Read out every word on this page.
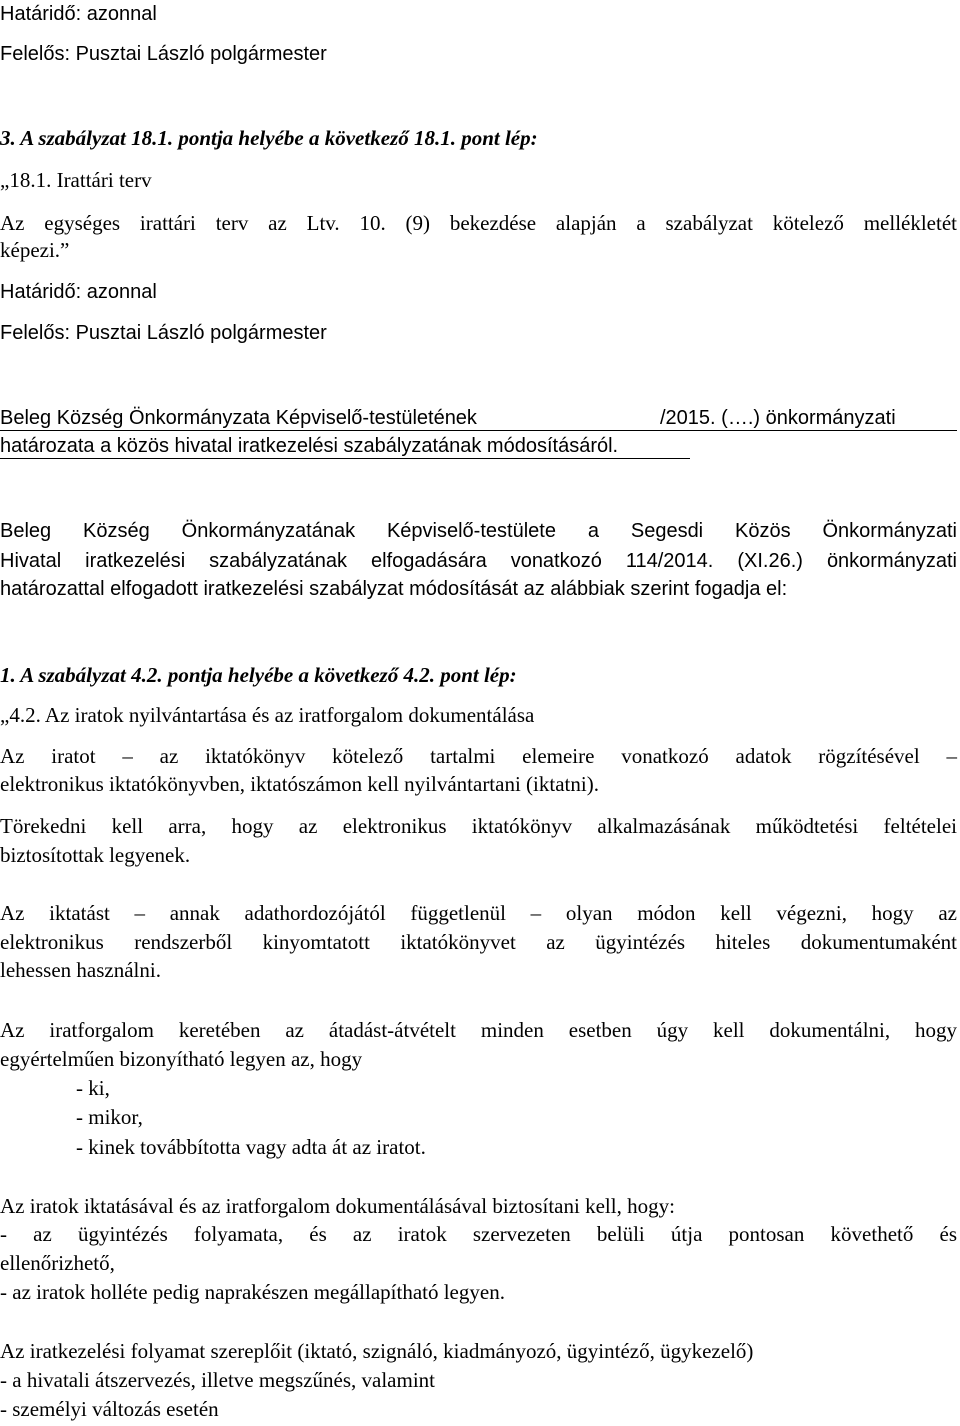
Határidő: azonnal

Felelős: Pusztai László polgármester

3. A szabályzat 18.1. pontja helyébe a következő 18.1. pont lép:

„18.1. Irattári terv

Az egységes irattári terv az Ltv. 10. (9) bekezdése alapján a szabályzat kötelező mellékletét

képezi.”

Határidő: azonnal

Felelős: Pusztai László polgármester

Beleg Község Önkormányzata Képviselő-testületének	/2015. (….) önkormányzati

határozata a közös hivatal iratkezelési szabályzatának módosításáról.

Beleg Község Önkormányzatának Képviselő-testülete a Segesdi Közös Önkormányzati

Hivatal iratkezelési szabályzatának elfogadására vonatkozó 114/2014. (XI.26.) önkormányzati

határozattal elfogadott iratkezelési szabályzat módosítását az alábbiak szerint fogadja el:

1. A szabályzat 4.2. pontja helyébe a következő 4.2. pont lép:

„4.2. Az iratok nyilvántartása és az iratforgalom dokumentálása

Az iratot – az iktatókönyv kötelező tartalmi elemeire vonatkozó adatok rögzítésével –

elektronikus iktatókönyvben, iktatószámon kell nyilvántartani (iktatni).

Törekedni kell arra, hogy az elektronikus iktatókönyv alkalmazásának működtetési feltételei

biztosítottak legyenek.

Az iktatást – annak adathordozójától függetlenül – olyan módon kell végezni, hogy az

elektronikus rendszerből kinyomtatott iktatókönyvet az ügyintézés hiteles dokumentumaként

lehessen használni.

Az iratforgalom keretében az átadást-átvételt minden esetben úgy kell dokumentálni, hogy

egyértelműen bizonyítható legyen az, hogy

- ki,

- mikor,

- kinek továbbította vagy adta át az iratot.

Az iratok iktatásával és az iratforgalom dokumentálásával biztosítani kell, hogy:

- az ügyintézés folyamata, és az iratok szervezeten belüli útja pontosan követhető és

ellenőrizhető,

- az iratok holléte pedig naprakészen megállapítható legyen.

Az iratkezelési folyamat szereplőit (iktató, szignáló, kiadmányozó, ügyintéző, ügykezelő)

- a hivatali átszervezés, illetve megszűnés, valamint

- személyi változás esetén
